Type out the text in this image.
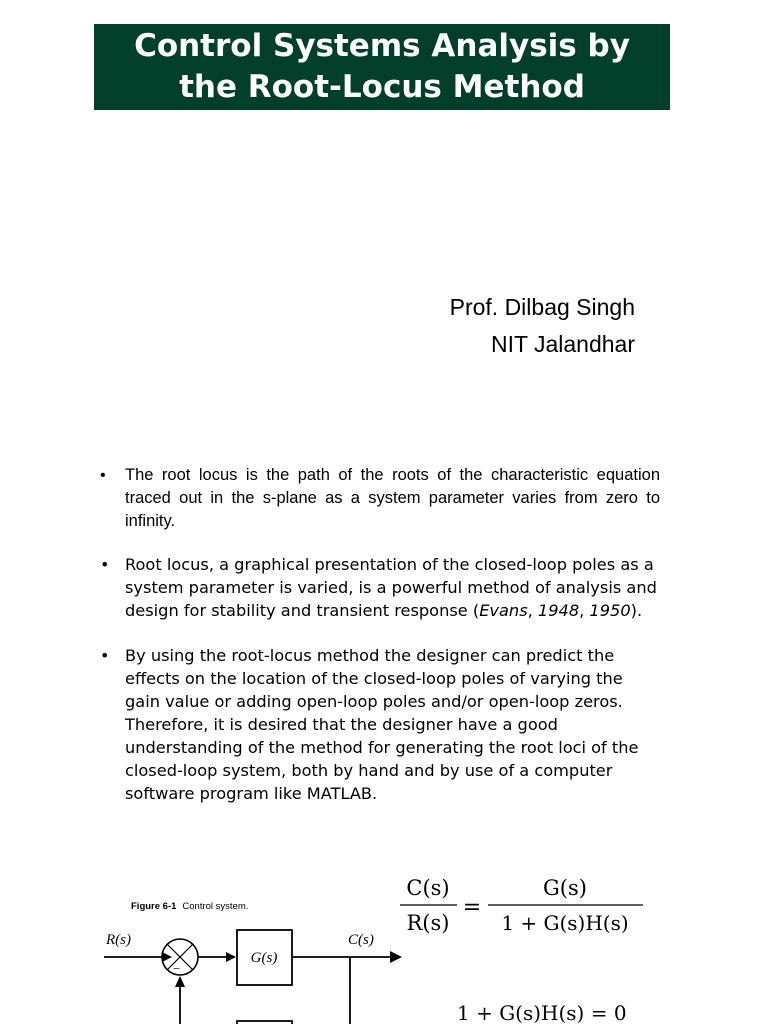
Control Systems Analysis by
the Root-Locus Method
Prof. Dilbag Singh
NIT Jalandhar
• The root locus is the path of the roots of the characteristic equation traced out in the s-plane as a system parameter varies from zero to infinity.
• Root locus, a graphical presentation of the closed-loop poles as a system parameter is varied, is a powerful method of analysis and design for stability and transient response (Evans, 1948, 1950).
• By using the root-locus method the designer can predict the effects on the location of the closed-loop poles of varying the gain value or adding open-loop poles and/or open-loop zeros. Therefore, it is desired that the designer have a good understanding of the method for generating the root loci of the closed-loop system, both by hand and by use of a computer software program like MATLAB.
Figure 6-1 Control system.
R(s)
+
−
G(s)
C(s)
C(s)
R(s)
=
G(s)
1 + G(s)H(s)
1 + G(s)H(s) = 0
